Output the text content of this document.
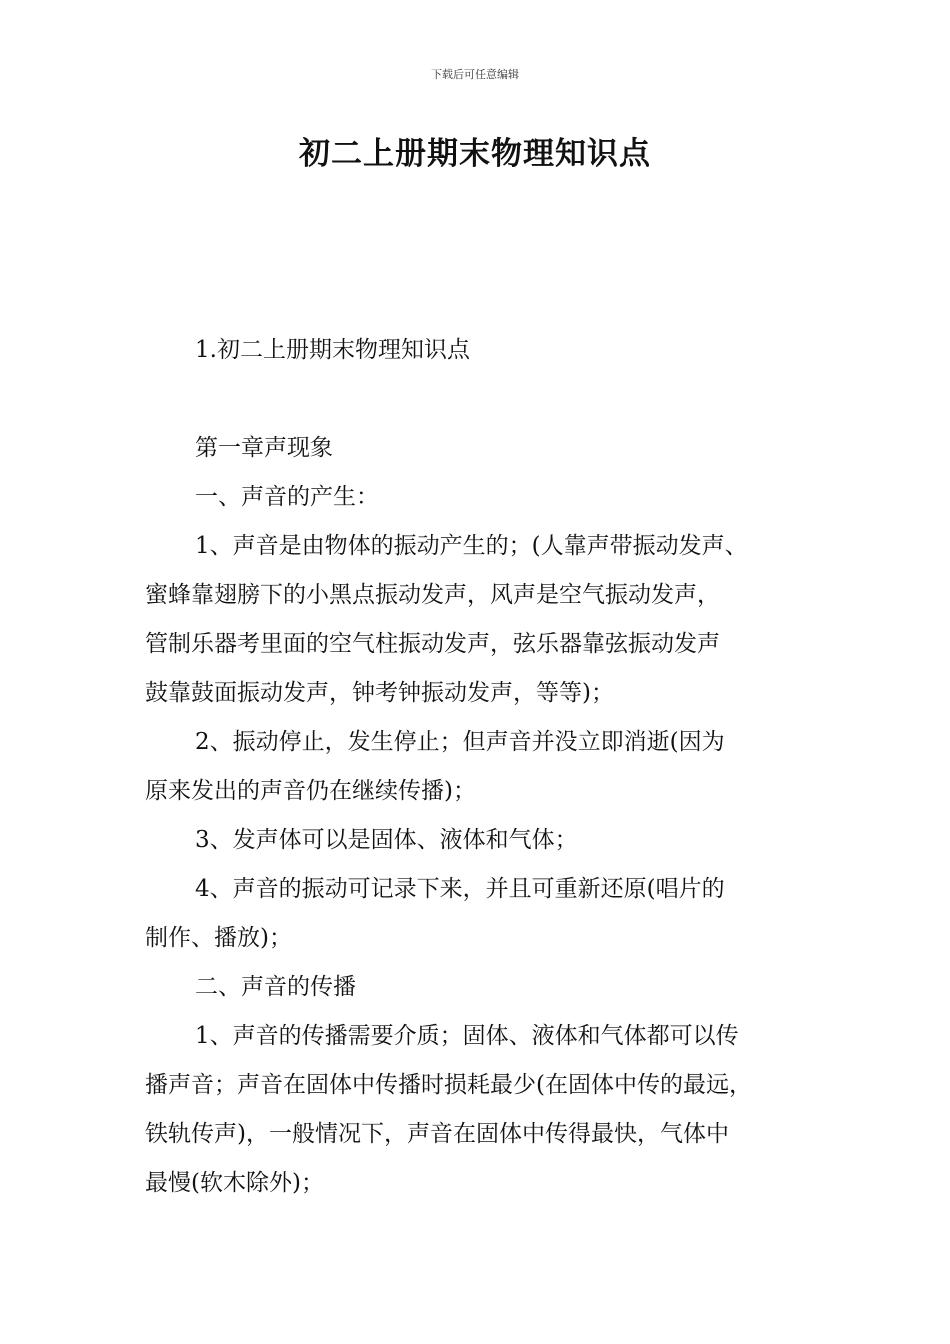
下载后可任意编辑
初二上册期末物理知识点
1.初二上册期末物理知识点
第一章声现象
一、声音的产生：
1、声音是由物体的振动产生的；(人靠声带振动发声、
蜜蜂靠翅膀下的小黑点振动发声，风声是空气振动发声，
管制乐器考里面的空气柱振动发声，弦乐器靠弦振动发声
鼓靠鼓面振动发声，钟考钟振动发声，等等)；
2、振动停止，发生停止；但声音并没立即消逝(因为
原来发出的声音仍在继续传播)；
3、发声体可以是固体、液体和气体；
4、声音的振动可记录下来，并且可重新还原(唱片的
制作、播放)；
二、声音的传播
1、声音的传播需要介质；固体、液体和气体都可以传
播声音；声音在固体中传播时损耗最少(在固体中传的最远，
铁轨传声)，一般情况下，声音在固体中传得最快，气体中
最慢(软木除外)；
